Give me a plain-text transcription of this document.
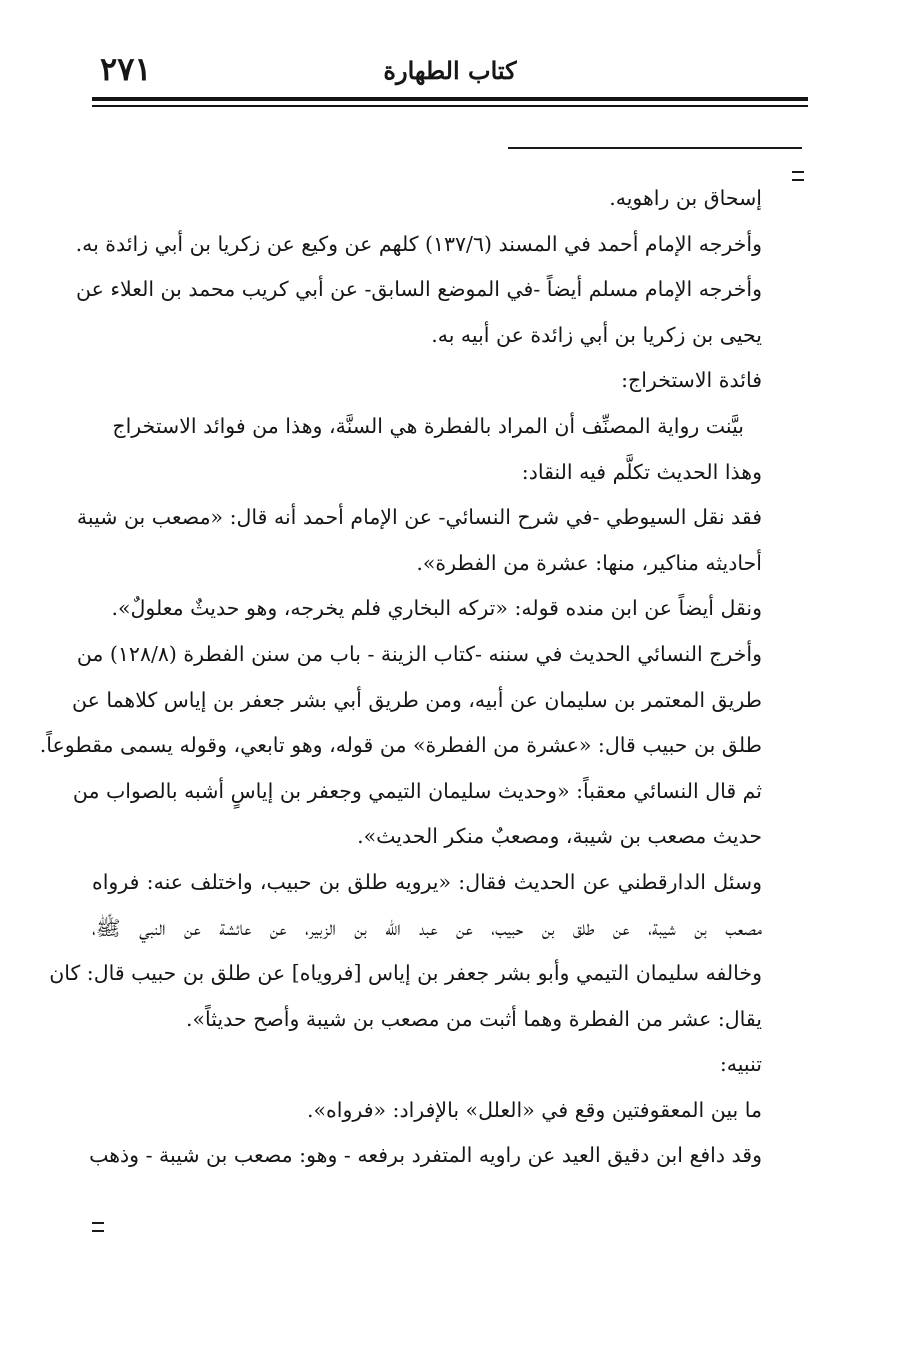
٢٧١	كتاب الطهارة
إسحاق بن راهويه.
وأخرجه الإمام أحمد في المسند (١٣٧/٦) كلهم عن وكيع عن زكريا بن أبي زائدة به.
وأخرجه الإمام مسلم أيضاً -في الموضع السابق- عن أبي كريب محمد بن العلاء عن
يحيى بن زكريا بن أبي زائدة عن أبيه به.
فائدة الاستخراج:
بيَّنت رواية المصنِّف أن المراد بالفطرة هي السنَّة، وهذا من فوائد الاستخراج
وهذا الحديث تكلَّم فيه النقاد:
فقد نقل السيوطي -في شرح النسائي- عن الإمام أحمد أنه قال: «مصعب بن شيبة
أحاديثه مناكير، منها: عشرة من الفطرة».
ونقل أيضاً عن ابن منده قوله: «تركه البخاري فلم يخرجه، وهو حديثٌ معلولٌ».
وأخرج النسائي الحديث في سننه -كتاب الزينة - باب من سنن الفطرة (١٢٨/٨) من
طريق المعتمر بن سليمان عن أبيه، ومن طريق أبي بشر جعفر بن إياس كلاهما عن
طلق بن حبيب قال: «عشرة من الفطرة» من قوله، وهو تابعي، وقوله يسمى مقطوعاً.
ثم قال النسائي معقباً: «وحديث سليمان التيمي وجعفر بن إياسٍ أشبه بالصواب من
حديث مصعب بن شيبة، ومصعبٌ منكر الحديث».
وسئل الدارقطني عن الحديث فقال: «يرويه طلق بن حبيب، واختلف عنه: فرواه
مصعب بن شيبة، عن طلق بن حبيب، عن عبد الله بن الزبير، عن عائشة عن النبي ﷺ،
وخالفه سليمان التيمي وأبو بشر جعفر بن إياس [فروياه] عن طلق بن حبيب قال: كان
يقال: عشر من الفطرة وهما أثبت من مصعب بن شيبة وأصح حديثاً».
تنبيه:
ما بين المعقوفتين وقع في «العلل» بالإفراد: «فرواه».
وقد دافع ابن دقيق العيد عن راويه المتفرد برفعه - وهو: مصعب بن شيبة - وذهب
